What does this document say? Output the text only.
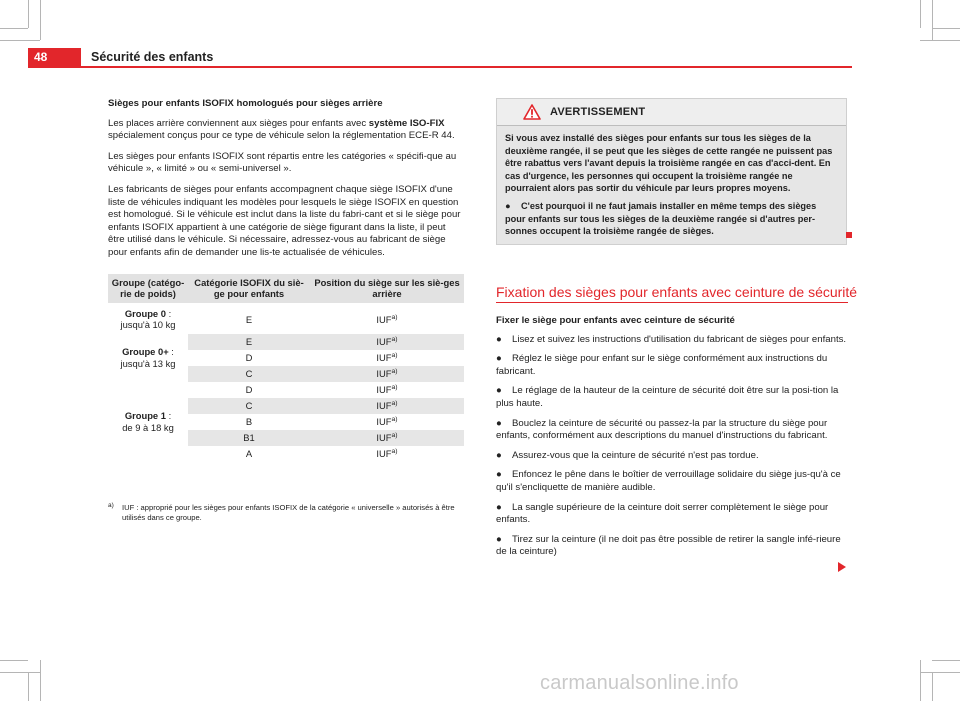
48	Sécurité des enfants
Sièges pour enfants ISOFIX homologués pour sièges arrière

Les places arrière conviennent aux sièges pour enfants avec système ISO-FIX spécialement conçus pour ce type de véhicule selon la réglementation ECE-R 44.

Les sièges pour enfants ISOFIX sont répartis entre les catégories « spécifi-que au véhicule », « limité » ou « semi-universel ».

Les fabricants de sièges pour enfants accompagnent chaque siège ISOFIX d'une liste de véhicules indiquant les modèles pour lesquels le siège ISOFIX en question est homologué. Si le véhicule est inclut dans la liste du fabri-cant et si le siège pour enfants ISOFIX appartient à une catégorie de siège figurant dans la liste, il peut être utilisé dans le véhicule. Si nécessaire, adressez-vous au fabricant de siège pour enfants afin de demander une lis-te actualisée de véhicules.

Groupe (catégo-rie de poids)	Catégorie ISOFIX du siè-ge pour enfants	Position du siège sur les siè-ges arrière
Groupe 0 :
jusqu'à 10 kg	E	IUF$^{a)}$
Groupe 0+ :
jusqu'à 13 kg	E	IUF$^{a)}$
	D	IUF$^{a)}$
	C	IUF$^{a)}$
Groupe 1 :
de 9 à 18 kg	D	IUF$^{a)}$
	C	IUF$^{a)}$
	B	IUF$^{a)}$
	B1	IUF$^{a)}$
	A	IUF$^{a)}$
a) IUF : approprié pour les sièges pour enfants ISOFIX de la catégorie « universelle » autorisés à être utilisés dans ce groupe.
AVERTISSEMENT

Si vous avez installé des sièges pour enfants sur tous les sièges de la deuxième rangée, il se peut que les sièges de cette rangée ne puissent pas être rabattus vers l'avant depuis la troisième rangée en cas d'acci-dent. En cas d'urgence, les personnes qui occupent la troisième rangée ne pourraient alors pas sortir du véhicule par leurs propres moyens.

● C'est pourquoi il ne faut jamais installer en même temps des sièges pour enfants sur tous les sièges de la deuxième rangée si d'autres per-sonnes occupent la troisième rangée de sièges.

Fixation des sièges pour enfants avec ceinture de sécurité
Fixer le siège pour enfants avec ceinture de sécurité

● Lisez et suivez les instructions d'utilisation du fabricant de sièges pour enfants.

● Réglez le siège pour enfant sur le siège conformément aux instructions du fabricant.

● Le réglage de la hauteur de la ceinture de sécurité doit être sur la posi-tion la plus haute.

● Bouclez la ceinture de sécurité ou passez-la par la structure du siège pour enfants, conformément aux descriptions du manuel d'instructions du fabricant.

● Assurez-vous que la ceinture de sécurité n'est pas tordue.

● Enfoncez le pêne dans le boîtier de verrouillage solidaire du siège jus-qu'à ce qu'il s'encliquette de manière audible.

● La sangle supérieure de la ceinture doit serrer complètement le siège pour enfants.

● Tirez sur la ceinture (il ne doit pas être possible de retirer la sangle infé-rieure de la ceinture)

carmanualsonline.info
